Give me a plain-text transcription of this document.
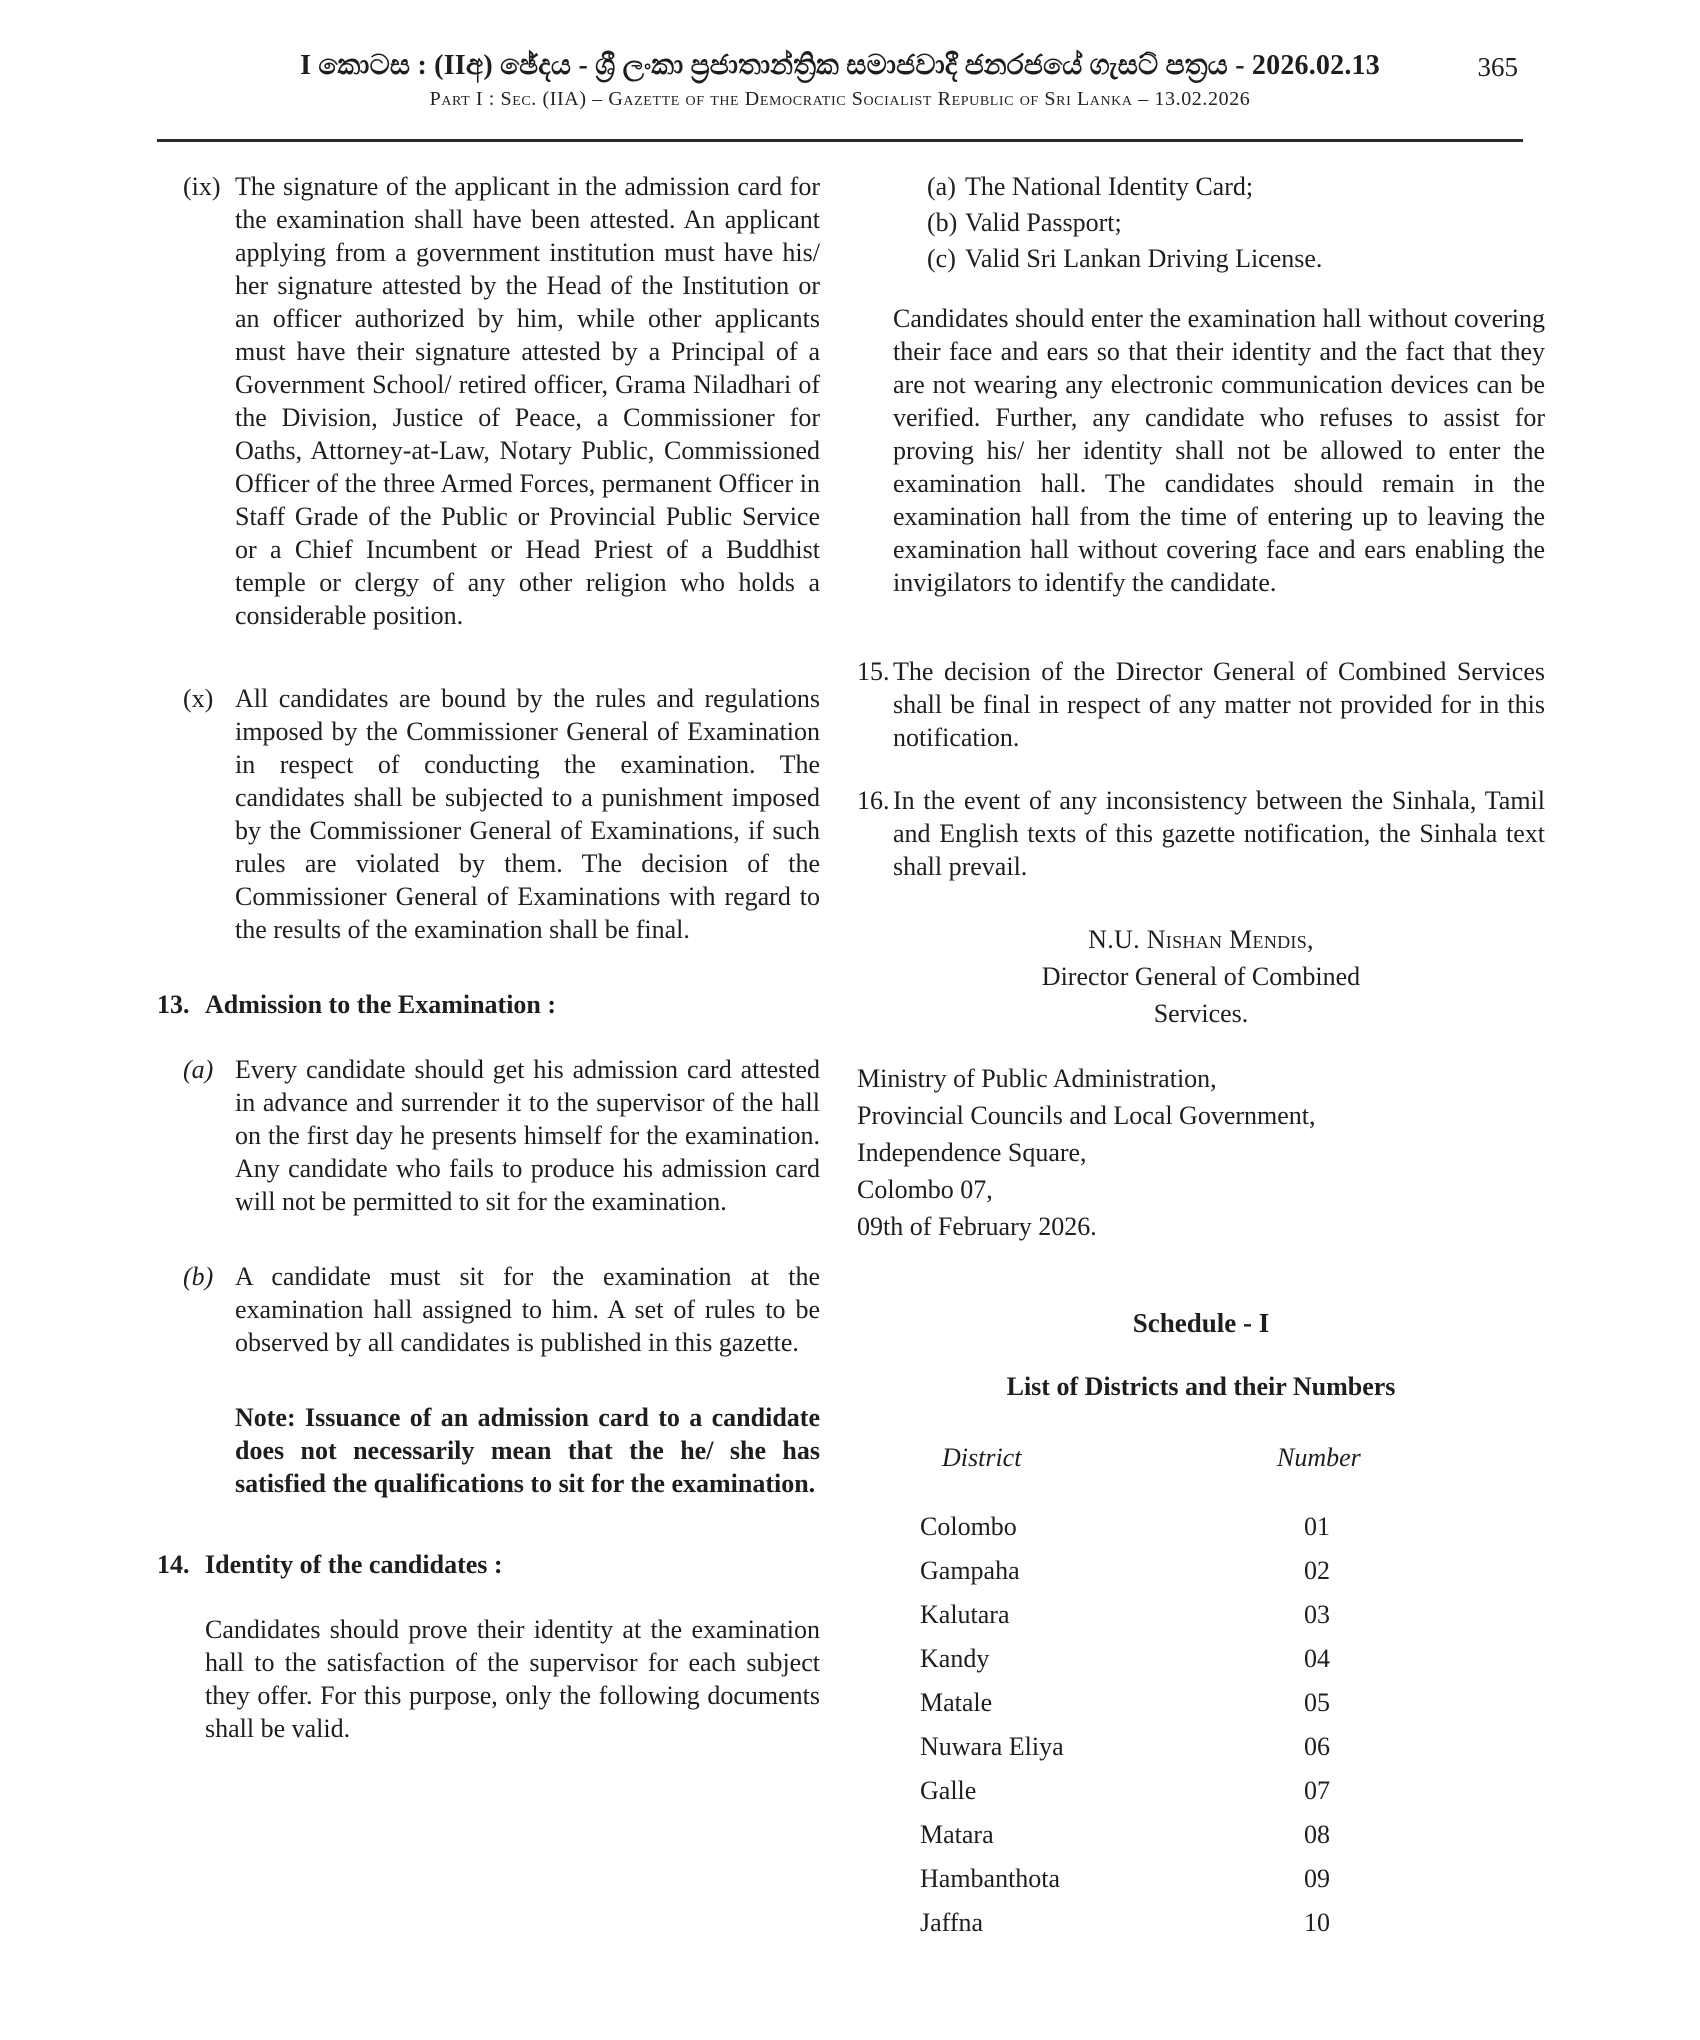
I කොටස : (IIඅ) ඡේදය - ශ්‍රී ලංකා ප්‍රජාතාන්ත්‍රික සමාජවාදී ජනරජයේ ගැසට් පත්‍රය - 2026.02.13
Part I : Sec. (IIA) – Gazette of the Democratic Socialist Republic of Sri Lanka – 13.02.2026
365
(ix) The signature of the applicant in the admission card for the examination shall have been attested. An applicant applying from a government institution must have his/ her signature attested by the Head of the Institution or an officer authorized by him, while other applicants must have their signature attested by a Principal of a Government School/ retired officer, Grama Niladhari of the Division, Justice of Peace, a Commissioner for Oaths, Attorney-at-Law, Notary Public, Commissioned Officer of the three Armed Forces, permanent Officer in Staff Grade of the Public or Provincial Public Service or a Chief Incumbent or Head Priest of a Buddhist temple or clergy of any other religion who holds a considerable position.
(x) All candidates are bound by the rules and regulations imposed by the Commissioner General of Examination in respect of conducting the examination. The candidates shall be subjected to a punishment imposed by the Commissioner General of Examinations, if such rules are violated by them. The decision of the Commissioner General of Examinations with regard to the results of the examination shall be final.
13. Admission to the Examination :
(a) Every candidate should get his admission card attested in advance and surrender it to the supervisor of the hall on the first day he presents himself for the examination. Any candidate who fails to produce his admission card will not be permitted to sit for the examination.
(b) A candidate must sit for the examination at the examination hall assigned to him. A set of rules to be observed by all candidates is published in this gazette.
Note: Issuance of an admission card to a candidate does not necessarily mean that the he/ she has satisfied the qualifications to sit for the examination.
14. Identity of the candidates :
Candidates should prove their identity at the examination hall to the satisfaction of the supervisor for each subject they offer. For this purpose, only the following documents shall be valid.
(a) The National Identity Card;
(b) Valid Passport;
(c) Valid Sri Lankan Driving License.
Candidates should enter the examination hall without covering their face and ears so that their identity and the fact that they are not wearing any electronic communication devices can be verified. Further, any candidate who refuses to assist for proving his/ her identity shall not be allowed to enter the examination hall. The candidates should remain in the examination hall from the time of entering up to leaving the examination hall without covering face and ears enabling the invigilators to identify the candidate.
15. The decision of the Director General of Combined Services shall be final in respect of any matter not provided for in this notification.
16. In the event of any inconsistency between the Sinhala, Tamil and English texts of this gazette notification, the Sinhala text shall prevail.
N.U. Nishan Mendis,
Director General of Combined
Services.
Ministry of Public Administration,
Provincial Councils and Local Government,
Independence Square,
Colombo 07,
09th of February 2026.
Schedule - I
List of Districts and their Numbers
District	Number
Colombo	01
Gampaha	02
Kalutara	03
Kandy	04
Matale	05
Nuwara Eliya	06
Galle	07
Matara	08
Hambanthota	09
Jaffna	10
